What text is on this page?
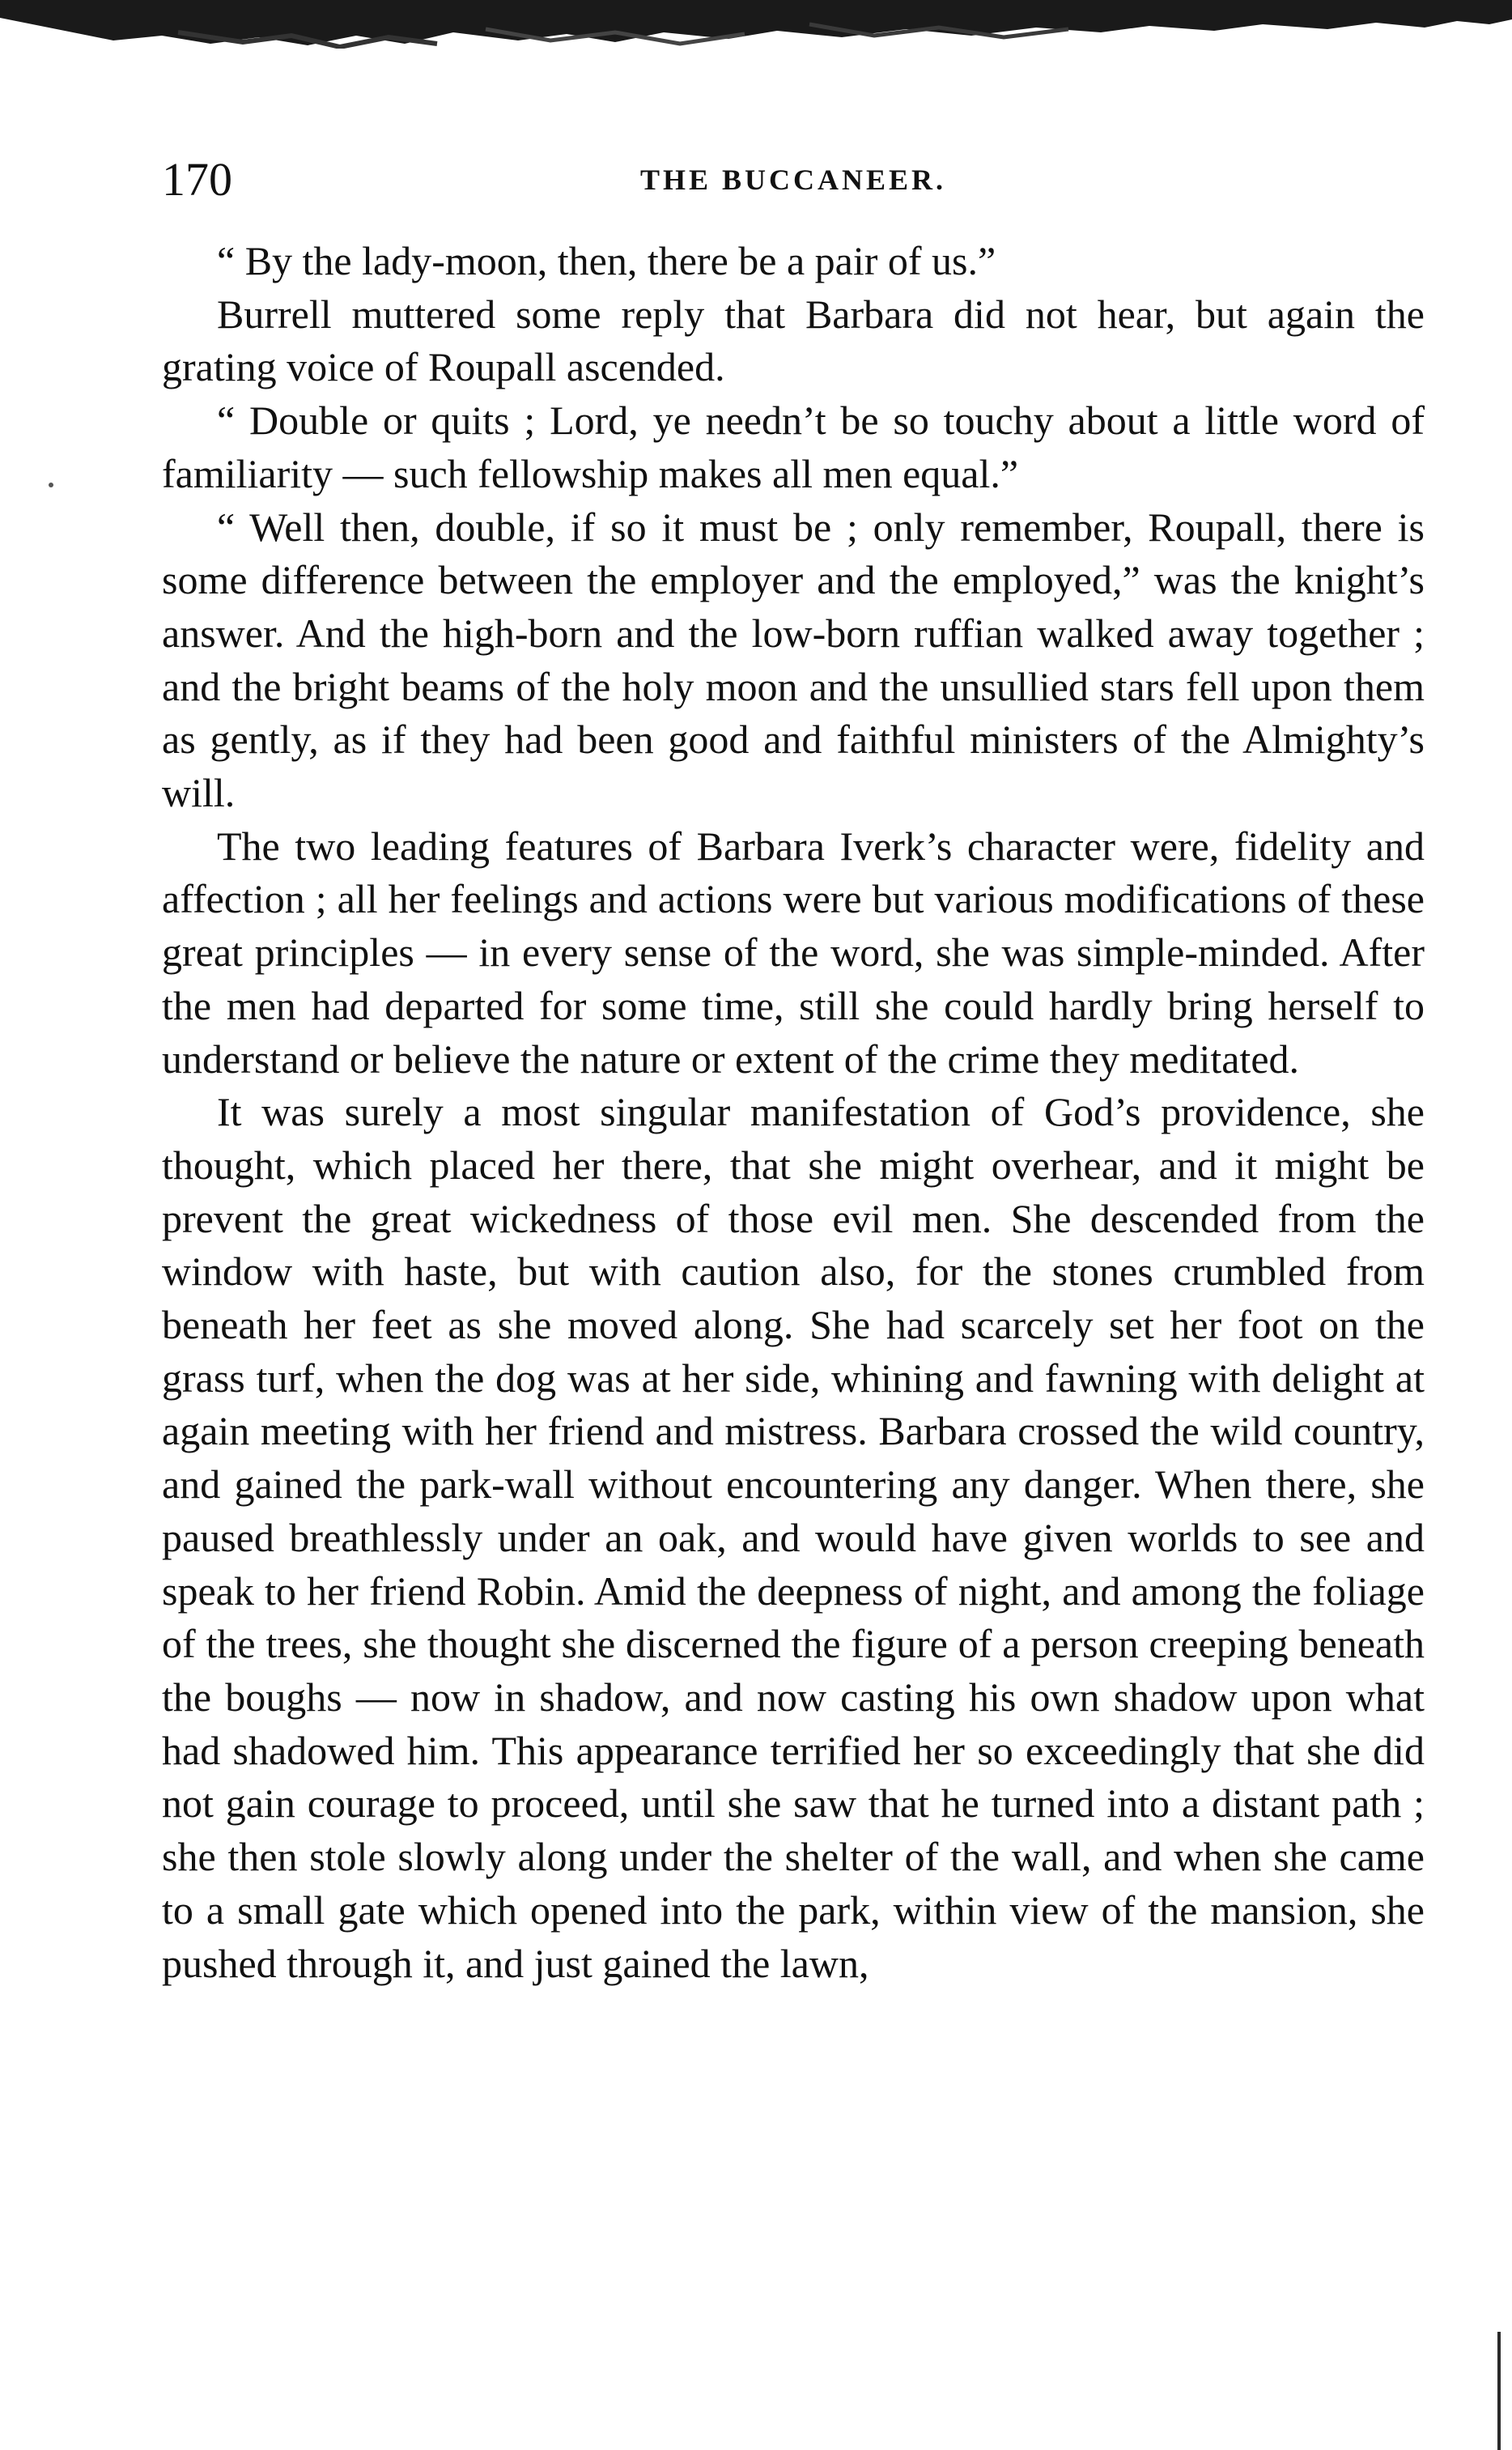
170	THE BUCCANEER.

“ By the lady-moon, then, there be a pair of us.”

Burrell muttered some reply that Barbara did not hear, but again the grating voice of Roupall ascended.

“ Double or quits ; Lord, ye needn’t be so touchy about a little word of familiarity — such fellowship makes all men equal.”

“ Well then, double, if so it must be ; only remember, Roupall, there is some difference between the employer and the employed,” was the knight’s answer. And the high-born and the low-born ruffian walked away together ; and the bright beams of the holy moon and the unsullied stars fell upon them as gently, as if they had been good and faithful ministers of the Almighty’s will.

The two leading features of Barbara Iverk’s character were, fidelity and affection ; all her feelings and actions were but various modifications of these great principles — in every sense of the word, she was simple-minded. After the men had departed for some time, still she could hardly bring herself to understand or believe the nature or extent of the crime they meditated.

It was surely a most singular manifestation of God’s providence, she thought, which placed her there, that she might overhear, and it might be prevent the great wickedness of those evil men. She descended from the window with haste, but with caution also, for the stones crumbled from beneath her feet as she moved along. She had scarcely set her foot on the grass turf, when the dog was at her side, whining and fawning with delight at again meeting with her friend and mistress. Barbara crossed the wild country, and gained the park-wall without encountering any danger. When there, she paused breathlessly under an oak, and would have given worlds to see and speak to her friend Robin. Amid the deepness of night, and among the foliage of the trees, she thought she discerned the figure of a person creeping beneath the boughs — now in shadow, and now casting his own shadow upon what had shadowed him. This appearance terrified her so exceedingly that she did not gain courage to proceed, until she saw that he turned into a distant path ; she then stole slowly along under the shelter of the wall, and when she came to a small gate which opened into the park, within view of the mansion, she pushed through it, and just gained the lawn,
